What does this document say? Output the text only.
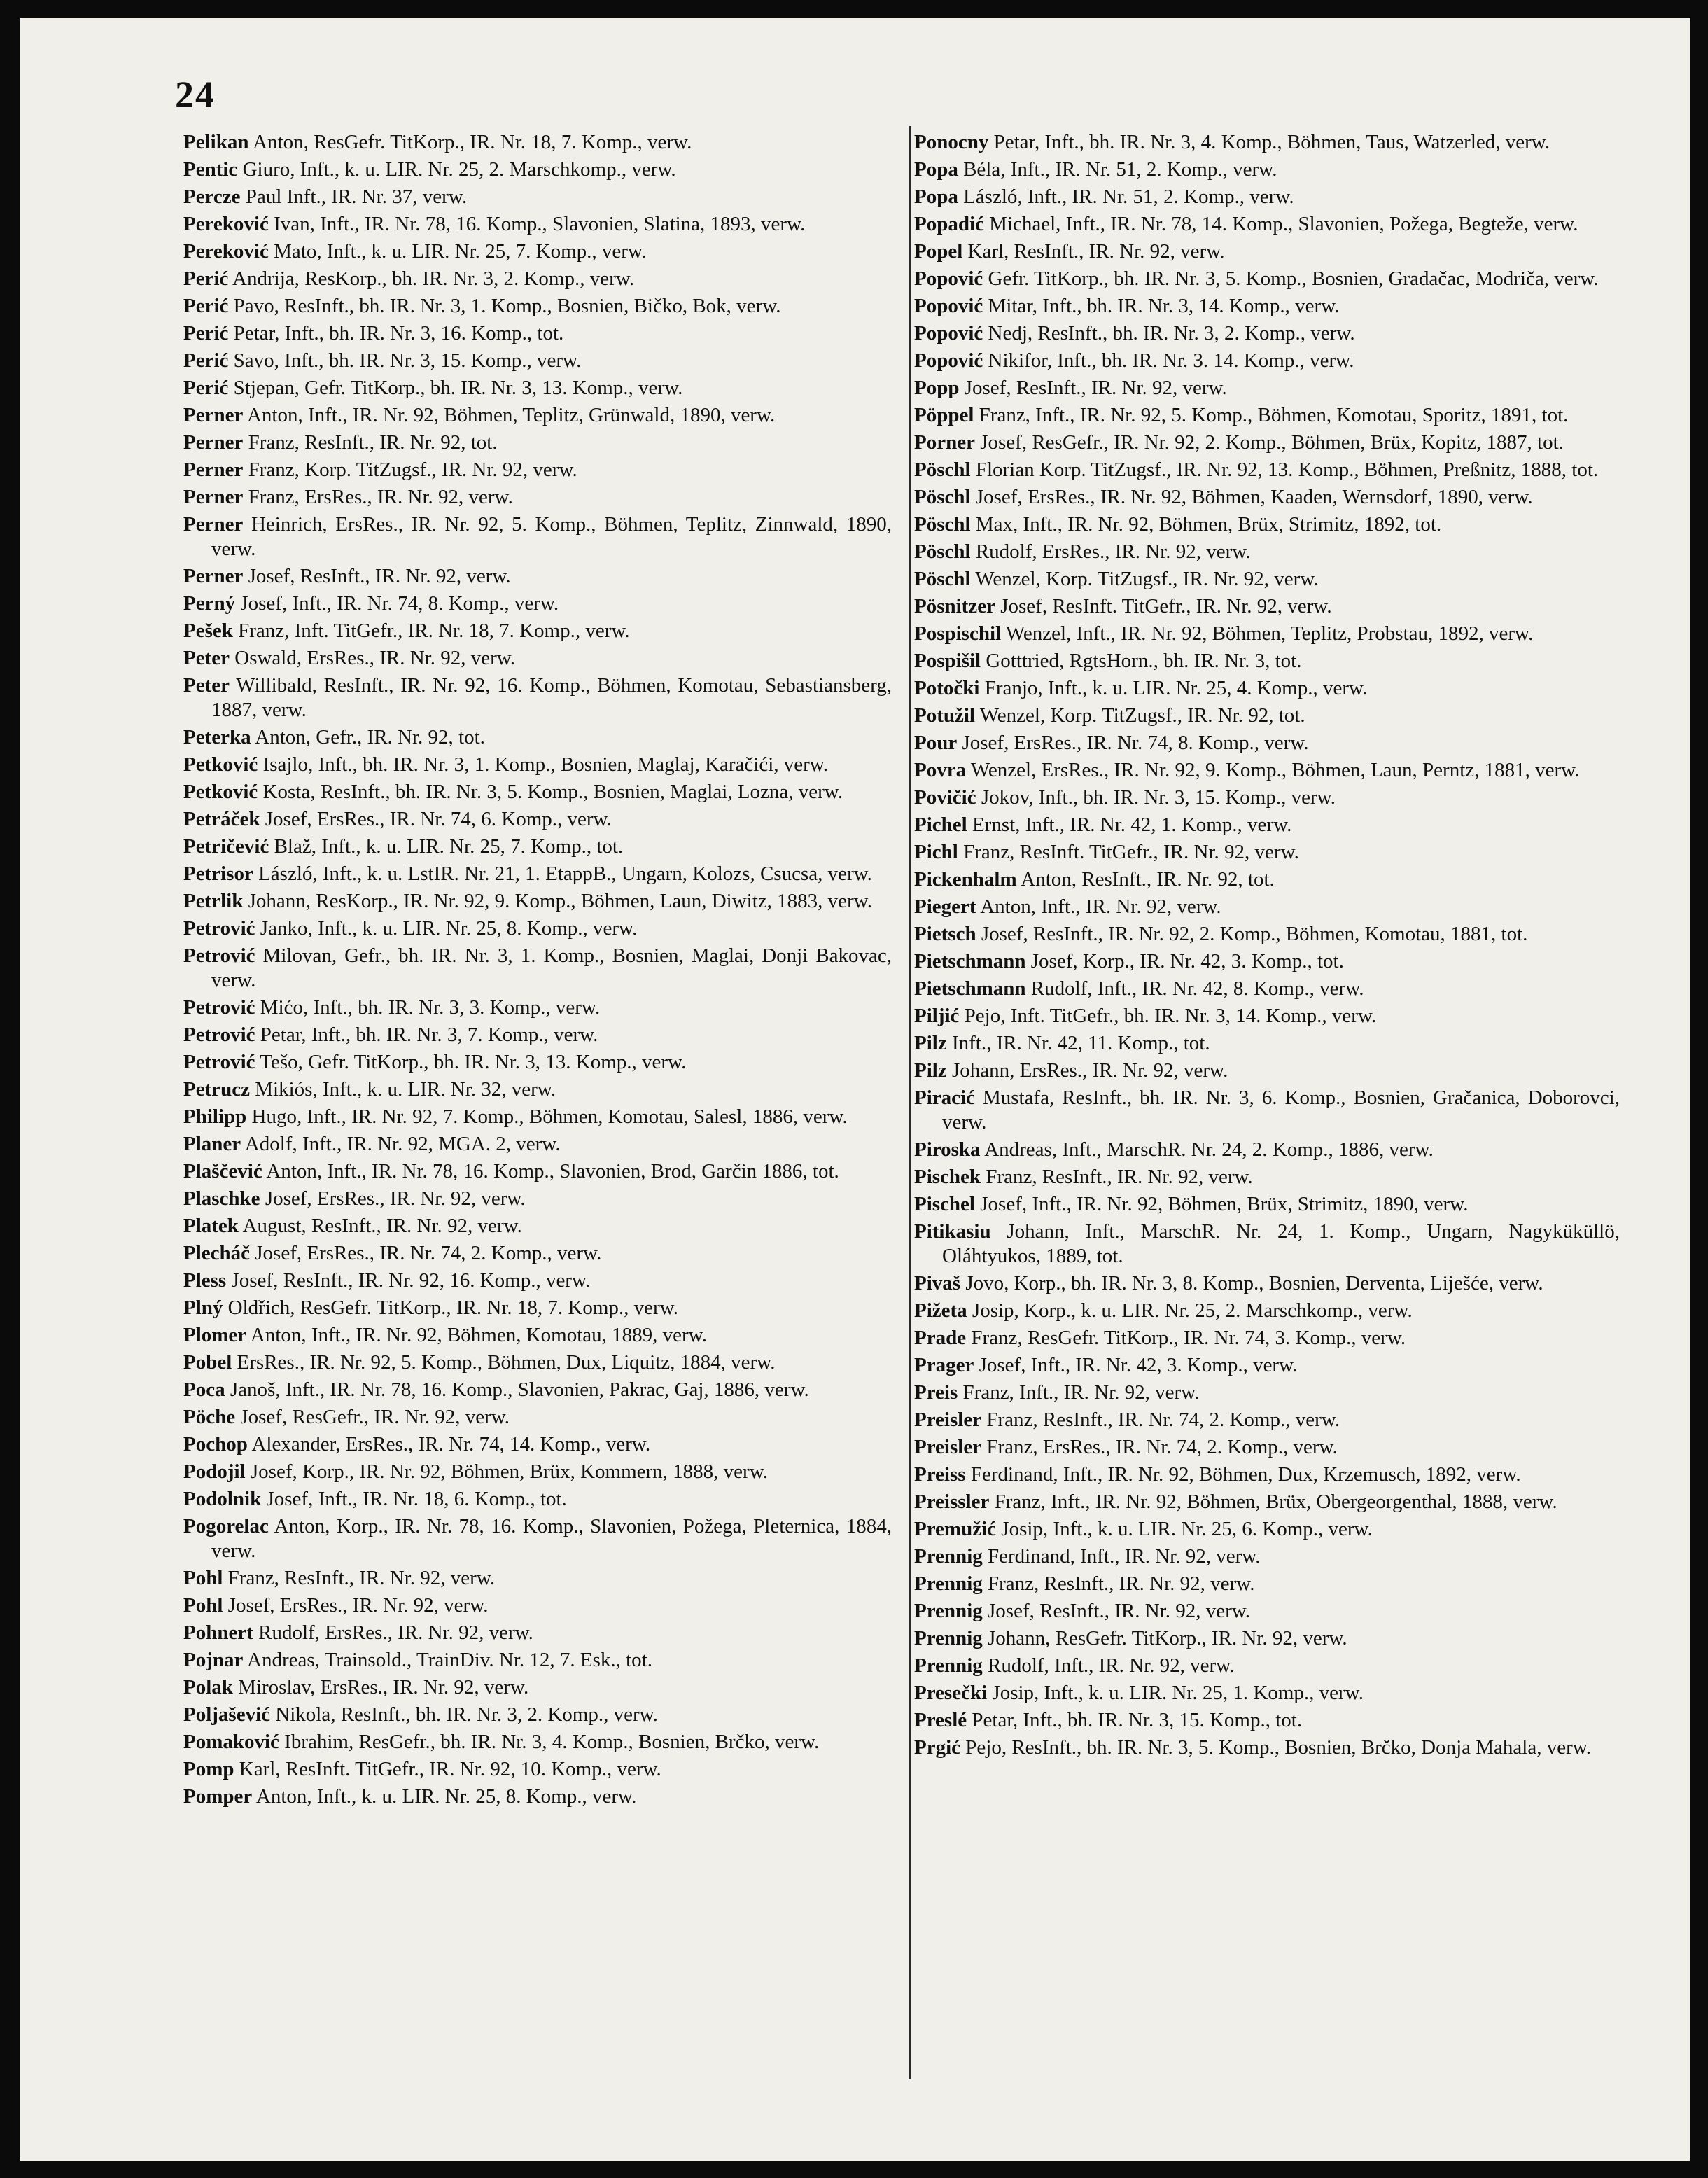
24

Pelikan Anton, ResGefr. TitKorp., IR. Nr. 18, 7. Komp., verw.

Pentic Giuro, Inft., k. u. LIR. Nr. 25, 2. Marschkomp., verw.

Percze Paul Inft., IR. Nr. 37, verw.

Pereković Ivan, Inft., IR. Nr. 78, 16. Komp., Slavonien, Slatina, 1893, verw.

Pereković Mato, Inft., k. u. LIR. Nr. 25, 7. Komp., verw.

Perić Andrija, ResKorp., bh. IR. Nr. 3, 2. Komp., verw.

Perić Pavo, ResInft., bh. IR. Nr. 3, 1. Komp., Bosnien, Bičko, Bok, verw.

Perić Petar, Inft., bh. IR. Nr. 3, 16. Komp., tot.

Perić Savo, Inft., bh. IR. Nr. 3, 15. Komp., verw.

Perić Stjepan, Gefr. TitKorp., bh. IR. Nr. 3, 13. Komp., verw.

Perner Anton, Inft., IR. Nr. 92, Böhmen, Teplitz, Grünwald, 1890, verw.

Perner Franz, ResInft., IR. Nr. 92, tot.

Perner Franz, Korp. TitZugsf., IR. Nr. 92, verw.

Perner Franz, ErsRes., IR. Nr. 92, verw.

Perner Heinrich, ErsRes., IR. Nr. 92, 5. Komp., Böhmen, Teplitz, Zinnwald, 1890, verw.

Perner Josef, ResInft., IR. Nr. 92, verw.

Perný Josef, Inft., IR. Nr. 74, 8. Komp., verw.

Pešek Franz, Inft. TitGefr., IR. Nr. 18, 7. Komp., verw.

Peter Oswald, ErsRes., IR. Nr. 92, verw.

Peter Willibald, ResInft., IR. Nr. 92, 16. Komp., Böhmen, Komotau, Sebastiansberg, 1887, verw.

Peterka Anton, Gefr., IR. Nr. 92, tot.

Petković Isajlo, Inft., bh. IR. Nr. 3, 1. Komp., Bosnien, Maglaj, Karačići, verw.

Petković Kosta, ResInft., bh. IR. Nr. 3, 5. Komp., Bosnien, Maglai, Lozna, verw.

Petráček Josef, ErsRes., IR. Nr. 74, 6. Komp., verw.

Petričević Blaž, Inft., k. u. LIR. Nr. 25, 7. Komp., tot.

Petrisor László, Inft., k. u. LstIR. Nr. 21, 1. EtappB., Ungarn, Kolozs, Csucsa, verw.

Petrlik Johann, ResKorp., IR. Nr. 92, 9. Komp., Böhmen, Laun, Diwitz, 1883, verw.

Petrović Janko, Inft., k. u. LIR. Nr. 25, 8. Komp., verw.

Petrović Milovan, Gefr., bh. IR. Nr. 3, 1. Komp., Bosnien, Maglai, Donji Bakovac, verw.

Petrović Mićo, Inft., bh. IR. Nr. 3, 3. Komp., verw.

Petrović Petar, Inft., bh. IR. Nr. 3, 7. Komp., verw.

Petrović Tešo, Gefr. TitKorp., bh. IR. Nr. 3, 13. Komp., verw.

Petrucz Mikiós, Inft., k. u. LIR. Nr. 32, verw.

Philipp Hugo, Inft., IR. Nr. 92, 7. Komp., Böhmen, Komotau, Salesl, 1886, verw.

Planer Adolf, Inft., IR. Nr. 92, MGA. 2, verw.

Plaščević Anton, Inft., IR. Nr. 78, 16. Komp., Slavonien, Brod, Garčin 1886, tot.

Plaschke Josef, ErsRes., IR. Nr. 92, verw.

Platek August, ResInft., IR. Nr. 92, verw.

Plecháč Josef, ErsRes., IR. Nr. 74, 2. Komp., verw.

Pless Josef, ResInft., IR. Nr. 92, 16. Komp., verw.

Plný Oldřich, ResGefr. TitKorp., IR. Nr. 18, 7. Komp., verw.

Plomer Anton, Inft., IR. Nr. 92, Böhmen, Komotau, 1889, verw.

Pobel ErsRes., IR. Nr. 92, 5. Komp., Böhmen, Dux, Liquitz, 1884, verw.

Poca Janoš, Inft., IR. Nr. 78, 16. Komp., Slavonien, Pakrac, Gaj, 1886, verw.

Pöche Josef, ResGefr., IR. Nr. 92, verw.

Pochop Alexander, ErsRes., IR. Nr. 74, 14. Komp., verw.

Podojil Josef, Korp., IR. Nr. 92, Böhmen, Brüx, Kommern, 1888, verw.

Podolnik Josef, Inft., IR. Nr. 18, 6. Komp., tot.

Pogorelac Anton, Korp., IR. Nr. 78, 16. Komp., Slavonien, Požega, Pleternica, 1884, verw.

Pohl Franz, ResInft., IR. Nr. 92, verw.

Pohl Josef, ErsRes., IR. Nr. 92, verw.

Pohnert Rudolf, ErsRes., IR. Nr. 92, verw.

Pojnar Andreas, Trainsold., TrainDiv. Nr. 12, 7. Esk., tot.

Polak Miroslav, ErsRes., IR. Nr. 92, verw.

Poljašević Nikola, ResInft., bh. IR. Nr. 3, 2. Komp., verw.

Pomaković Ibrahim, ResGefr., bh. IR. Nr. 3, 4. Komp., Bosnien, Brčko, verw.

Pomp Karl, ResInft. TitGefr., IR. Nr. 92, 10. Komp., verw.

Pomper Anton, Inft., k. u. LIR. Nr. 25, 8. Komp., verw.

Ponocny Petar, Inft., bh. IR. Nr. 3, 4. Komp., Böhmen, Taus, Watzerled, verw.

Popa Béla, Inft., IR. Nr. 51, 2. Komp., verw.

Popa László, Inft., IR. Nr. 51, 2. Komp., verw.

Popadić Michael, Inft., IR. Nr. 78, 14. Komp., Slavonien, Požega, Begteže, verw.

Popel Karl, ResInft., IR. Nr. 92, verw.

Popović Gefr. TitKorp., bh. IR. Nr. 3, 5. Komp., Bosnien, Gradačac, Modriča, verw.

Popović Mitar, Inft., bh. IR. Nr. 3, 14. Komp., verw.

Popović Nedj, ResInft., bh. IR. Nr. 3, 2. Komp., verw.

Popović Nikifor, Inft., bh. IR. Nr. 3. 14. Komp., verw.

Popp Josef, ResInft., IR. Nr. 92, verw.

Pöppel Franz, Inft., IR. Nr. 92, 5. Komp., Böhmen, Komotau, Sporitz, 1891, tot.

Porner Josef, ResGefr., IR. Nr. 92, 2. Komp., Böhmen, Brüx, Kopitz, 1887, tot.

Pöschl Florian Korp. TitZugsf., IR. Nr. 92, 13. Komp., Böhmen, Preßnitz, 1888, tot.

Pöschl Josef, ErsRes., IR. Nr. 92, Böhmen, Kaaden, Wernsdorf, 1890, verw.

Pöschl Max, Inft., IR. Nr. 92, Böhmen, Brüx, Strimitz, 1892, tot.

Pöschl Rudolf, ErsRes., IR. Nr. 92, verw.

Pöschl Wenzel, Korp. TitZugsf., IR. Nr. 92, verw.

Pösnitzer Josef, ResInft. TitGefr., IR. Nr. 92, verw.

Pospischil Wenzel, Inft., IR. Nr. 92, Böhmen, Teplitz, Probstau, 1892, verw.

Pospišil Gotttried, RgtsHorn., bh. IR. Nr. 3, tot.

Potočki Franjo, Inft., k. u. LIR. Nr. 25, 4. Komp., verw.

Potužil Wenzel, Korp. TitZugsf., IR. Nr. 92, tot.

Pour Josef, ErsRes., IR. Nr. 74, 8. Komp., verw.

Povra Wenzel, ErsRes., IR. Nr. 92, 9. Komp., Böhmen, Laun, Perntz, 1881, verw.

Povičić Jokov, Inft., bh. IR. Nr. 3, 15. Komp., verw.

Pichel Ernst, Inft., IR. Nr. 42, 1. Komp., verw.

Pichl Franz, ResInft. TitGefr., IR. Nr. 92, verw.

Pickenhalm Anton, ResInft., IR. Nr. 92, tot.

Piegert Anton, Inft., IR. Nr. 92, verw.

Pietsch Josef, ResInft., IR. Nr. 92, 2. Komp., Böhmen, Komotau, 1881, tot.

Pietschmann Josef, Korp., IR. Nr. 42, 3. Komp., tot.

Pietschmann Rudolf, Inft., IR. Nr. 42, 8. Komp., verw.

Piljić Pejo, Inft. TitGefr., bh. IR. Nr. 3, 14. Komp., verw.

Pilz Inft., IR. Nr. 42, 11. Komp., tot.

Pilz Johann, ErsRes., IR. Nr. 92, verw.

Piracić Mustafa, ResInft., bh. IR. Nr. 3, 6. Komp., Bosnien, Gračanica, Doborovci, verw.

Piroska Andreas, Inft., MarschR. Nr. 24, 2. Komp., 1886, verw.

Pischek Franz, ResInft., IR. Nr. 92, verw.

Pischel Josef, Inft., IR. Nr. 92, Böhmen, Brüx, Strimitz, 1890, verw.

Pitikasiu Johann, Inft., MarschR. Nr. 24, 1. Komp., Ungarn, Nagyküküllö, Oláhtyukos, 1889, tot.

Pivaš Jovo, Korp., bh. IR. Nr. 3, 8. Komp., Bosnien, Derventa, Liješće, verw.

Pižeta Josip, Korp., k. u. LIR. Nr. 25, 2. Marschkomp., verw.

Prade Franz, ResGefr. TitKorp., IR. Nr. 74, 3. Komp., verw.

Prager Josef, Inft., IR. Nr. 42, 3. Komp., verw.

Preis Franz, Inft., IR. Nr. 92, verw.

Preisler Franz, ResInft., IR. Nr. 74, 2. Komp., verw.

Preisler Franz, ErsRes., IR. Nr. 74, 2. Komp., verw.

Preiss Ferdinand, Inft., IR. Nr. 92, Böhmen, Dux, Krzemusch, 1892, verw.

Preissler Franz, Inft., IR. Nr. 92, Böhmen, Brüx, Obergeorgenthal, 1888, verw.

Premužić Josip, Inft., k. u. LIR. Nr. 25, 6. Komp., verw.

Prennig Ferdinand, Inft., IR. Nr. 92, verw.

Prennig Franz, ResInft., IR. Nr. 92, verw.

Prennig Josef, ResInft., IR. Nr. 92, verw.

Prennig Johann, ResGefr. TitKorp., IR. Nr. 92, verw.

Prennig Rudolf, Inft., IR. Nr. 92, verw.

Presečki Josip, Inft., k. u. LIR. Nr. 25, 1. Komp., verw.

Preslé Petar, Inft., bh. IR. Nr. 3, 15. Komp., tot.

Prgić Pejo, ResInft., bh. IR. Nr. 3, 5. Komp., Bosnien, Brčko, Donja Mahala, verw.
